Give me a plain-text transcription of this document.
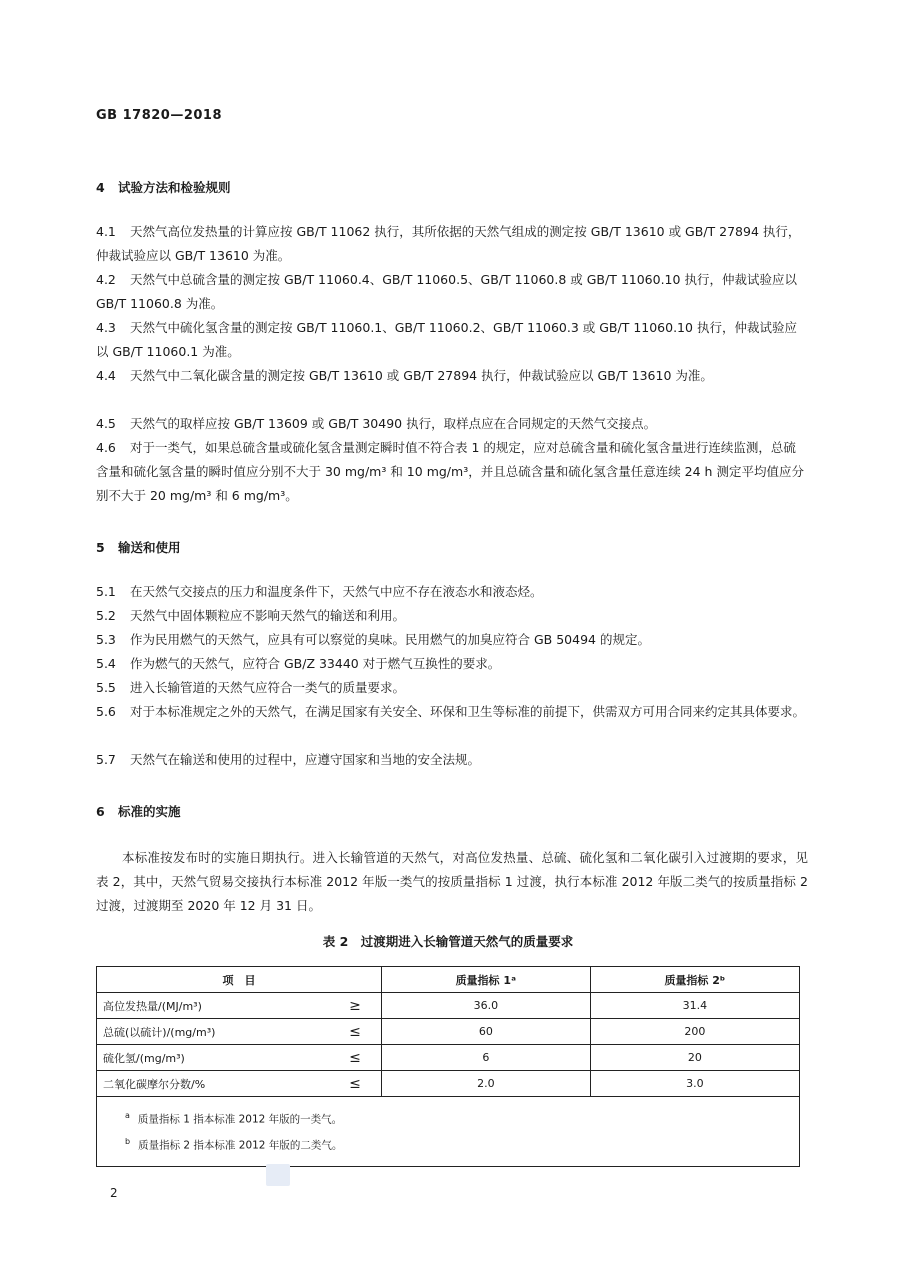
GB 17820—2018
4 试验方法和检验规则
4.1 天然气高位发热量的计算应按 GB/T 11062 执行，其所依据的天然气组成的测定按 GB/T 13610 或 GB/T 27894 执行，仲裁试验应以 GB/T 13610 为准。
4.2 天然气中总硫含量的测定按 GB/T 11060.4、GB/T 11060.5、GB/T 11060.8 或 GB/T 11060.10 执行，仲裁试验应以 GB/T 11060.8 为准。
4.3 天然气中硫化氢含量的测定按 GB/T 11060.1、GB/T 11060.2、GB/T 11060.3 或 GB/T 11060.10 执行，仲裁试验应以 GB/T 11060.1 为准。
4.4 天然气中二氧化碳含量的测定按 GB/T 13610 或 GB/T 27894 执行，仲裁试验应以 GB/T 13610 为准。
4.5 天然气的取样应按 GB/T 13609 或 GB/T 30490 执行，取样点应在合同规定的天然气交接点。
4.6 对于一类气，如果总硫含量或硫化氢含量测定瞬时值不符合表 1 的规定，应对总硫含量和硫化氢含量进行连续监测，总硫含量和硫化氢含量的瞬时值应分别不大于 30 mg/m³ 和 10 mg/m³，并且总硫含量和硫化氢含量任意连续 24 h 测定平均值应分别不大于 20 mg/m³ 和 6 mg/m³。
5 输送和使用
5.1 在天然气交接点的压力和温度条件下，天然气中应不存在液态水和液态烃。
5.2 天然气中固体颗粒应不影响天然气的输送和利用。
5.3 作为民用燃气的天然气，应具有可以察觉的臭味。民用燃气的加臭应符合 GB 50494 的规定。
5.4 作为燃气的天然气，应符合 GB/Z 33440 对于燃气互换性的要求。
5.5 进入长输管道的天然气应符合一类气的质量要求。
5.6 对于本标准规定之外的天然气，在满足国家有关安全、环保和卫生等标准的前提下，供需双方可用合同来约定其具体要求。
5.7 天然气在输送和使用的过程中，应遵守国家和当地的安全法规。
6 标准的实施
本标准按发布时的实施日期执行。进入长输管道的天然气，对高位发热量、总硫、硫化氢和二氧化碳引入过渡期的要求，见表 2，其中，天然气贸易交接执行本标准 2012 年版一类气的按质量指标 1 过渡，执行本标准 2012 年版二类气的按质量指标 2 过渡，过渡期至 2020 年 12 月 31 日。
表 2　过渡期进入长输管道天然气的质量要求
项　目		质量指标 1ᵃ	质量指标 2ᵇ
高位发热量/(MJ/m³)	≥	36.0	31.4
总硫(以硫计)/(mg/m³)	≤	60	200
硫化氢/(mg/m³)	≤	6	20
二氧化碳摩尔分数/%	≤	2.0	3.0

$^a$ 质量指标 1 指本标准 2012 年版的一类气。
$^b$ 质量指标 2 指本标准 2012 年版的二类气。			
2
